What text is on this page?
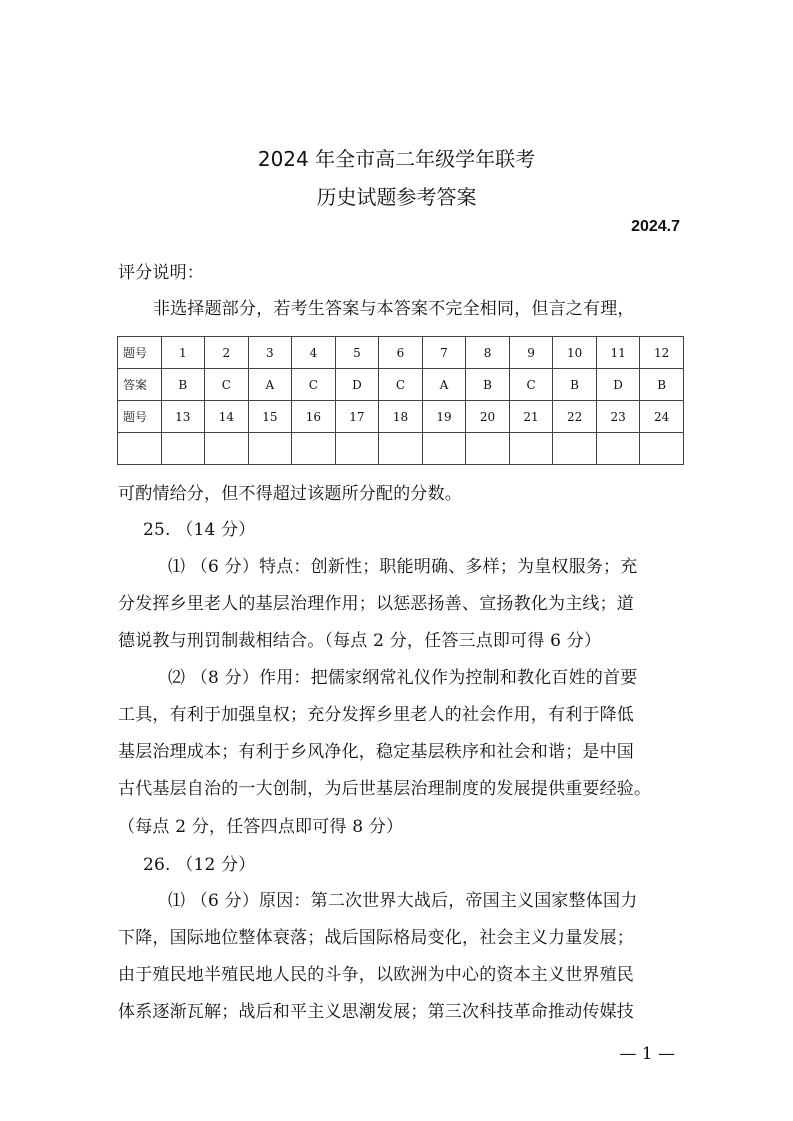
2024 年全市高二年级学年联考
历史试题参考答案
2024.7
评分说明：
非选择题部分，若考生答案与本答案不完全相同，但言之有理，
题号	1	2	3	4	5	6	7	8	9	10	11	12
答案	B	C	A	C	D	C	A	B	C	B	D	B
题号	13	14	15	16	17	18	19	20	21	22	23	24

可酌情给分，但不得超过该题所分配的分数。
25. （14 分）
⑴ （6 分）特点：创新性；职能明确、多样；为皇权服务；充
分发挥乡里老人的基层治理作用；以惩恶扬善、宣扬教化为主线；道
德说教与刑罚制裁相结合。（每点 2 分，任答三点即可得 6 分）
⑵ （8 分）作用：把儒家纲常礼仪作为控制和教化百姓的首要
工具，有利于加强皇权；充分发挥乡里老人的社会作用，有利于降低
基层治理成本；有利于乡风净化，稳定基层秩序和社会和谐；是中国
古代基层自治的一大创制，为后世基层治理制度的发展提供重要经验。
（每点 2 分，任答四点即可得 8 分）
26. （12 分）
⑴ （6 分）原因：第二次世界大战后，帝国主义国家整体国力
下降，国际地位整体衰落；战后国际格局变化，社会主义力量发展；
由于殖民地半殖民地人民的斗争，以欧洲为中心的资本主义世界殖民
体系逐渐瓦解；战后和平主义思潮发展；第三次科技革命推动传媒技
— 1 —
